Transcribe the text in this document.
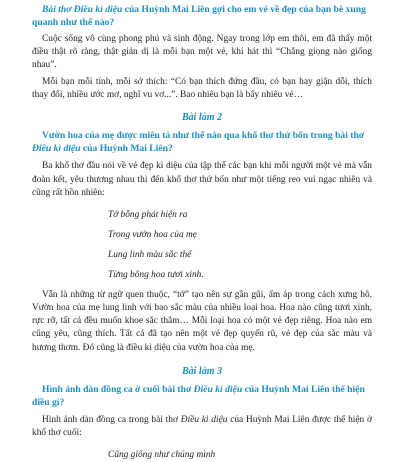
Bài thơ Điều kì diệu của Huỳnh Mai Liên gợi cho em vẻ về đẹp của bạn bè xung quanh như thế nào?

Cuộc sống vô cùng phong phú và sinh động. Ngay trong lớp em thôi, em đã thấy một điều thật rõ ràng, thật giản dị là mỗi bạn một vẻ, khi hát thì “Chẳng giọng nào giống nhau”.

Mỗi bạn mỗi tính, mỗi sở thích: “Có bạn thích đứng đầu, có bạn hay giận dỗi, thích thay đổi, nhiều ước mơ, nghĩ vu vơ...”. Bao nhiêu bạn là bấy nhiêu vẻ…

Bài làm 2

Vườn hoa của mẹ được miêu tả như thế nào qua khổ thơ thứ bốn trong bài thơ Điều kì diệu của Huỳnh Mai Liên?

Ba khổ thơ đầu nói về vẻ đẹp kì diệu của tập thể các bạn khi mỗi người một vẻ mà vẫn đoàn kết, yêu thương nhau thì đến khổ thơ thứ bốn như một tiếng reo vui ngạc nhiên và cũng rất hồn nhiên:

Tớ bỗng phát hiện ra

Trong vườn hoa của mẹ

Lung linh màu sắc thế

Từng bông hoa tươi xinh.

Vẫn là những từ ngữ quen thuộc, “tớ” tạo nên sự gần gũi, ấm áp trong cách xưng hô. Vườn hoa của mẹ lung linh với bao sắc màu của nhiều loại hoa. Hoa nào cũng tươi xinh, rực rỡ, tất cả đều muốn khoe sắc thắm… Mỗi loại hoa có một vẻ đẹp riêng. Hoa nào em cũng yêu, cũng thích. Tất cả đã tạo nên một vẻ đẹp quyến rũ, vẻ đẹp của sắc màu và hương thơm. Đó cũng là điều kì diệu của vườn hoa của mẹ.

Bài làm 3

Hình ảnh dàn đồng ca ở cuối bài thơ Điều kì diệu của Huỳnh Mai Liên thể hiện điều gì?

Hình ảnh dàn đồng ca trong bài thơ Điều kì diệu của Huỳnh Mai Liên được thể hiện ở khổ thơ cuối:

Cũng giống như chúng mình
